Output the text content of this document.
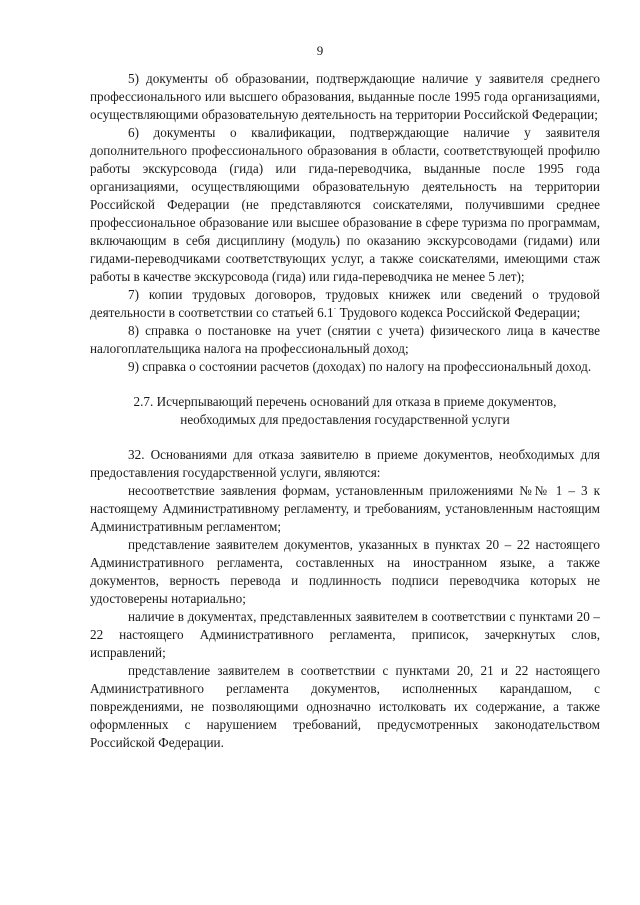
9

5) документы об образовании, подтверждающие наличие у заявителя среднего профессионального или высшего образования, выданные после 1995 года организациями, осуществляющими образовательную деятельность на территории Российской Федерации;

6) документы о квалификации, подтверждающие наличие у заявителя дополнительного профессионального образования в области, соответствующей профилю работы экскурсовода (гида) или гида-переводчика, выданные после 1995 года организациями, осуществляющими образовательную деятельность на территории Российской Федерации (не представляются соискателями, получившими среднее профессиональное образование или высшее образование в сфере туризма по программам, включающим в себя дисциплину (модуль) по оказанию экскурсоводами (гидами) или гидами-переводчиками соответствующих услуг, а также соискателями, имеющими стаж работы в качестве экскурсовода (гида) или гида-переводчика не менее 5 лет);

7) копии трудовых договоров, трудовых книжек или сведений о трудовой деятельности в соответствии со статьей 6.1· Трудового кодекса Российской Федерации;

8) справка о постановке на учет (снятии с учета) физического лица в качестве налогоплательщика налога на профессиональный доход;

9) справка о состоянии расчетов (доходах) по налогу на профессиональный доход.

2.7. Исчерпывающий перечень оснований для отказа в приеме документов,
необходимых для предоставления государственной услуги

32. Основаниями для отказа заявителю в приеме документов, необходимых для предоставления государственной услуги, являются:

несоответствие заявления формам, установленным приложениями №№ 1 – 3 к настоящему Административному регламенту, и требованиям, установленным настоящим Административным регламентом;

представление заявителем документов, указанных в пунктах 20 – 22 настоящего Административного регламента, составленных на иностранном языке, а также документов, верность перевода и подлинность подписи переводчика которых не удостоверены нотариально;

наличие в документах, представленных заявителем в соответствии с пунктами 20 – 22 настоящего Административного регламента, приписок, зачеркнутых слов, исправлений;

представление заявителем в соответствии с пунктами 20, 21 и 22 настоящего Административного регламента документов, исполненных карандашом, с повреждениями, не позволяющими однозначно истолковать их содержание, а также оформленных с нарушением требований, предусмотренных законодательством Российской Федерации.
